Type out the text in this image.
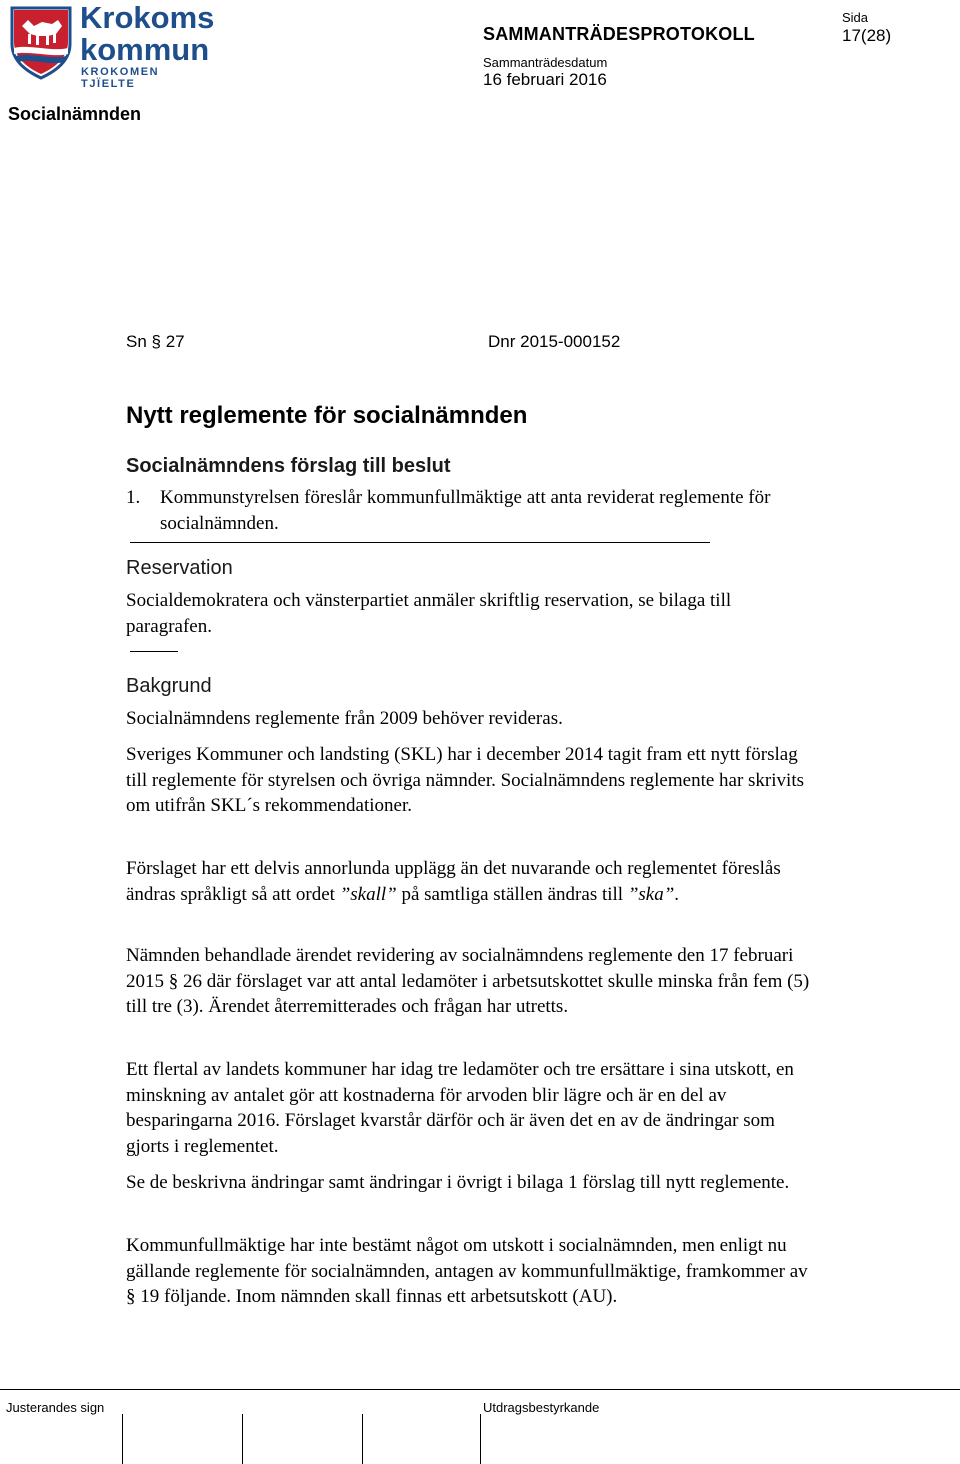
Krokoms
kommun
KROKOMEN TJÏELTE
SAMMANTRÄDESPROTOKOLL
Sammanträdesdatum
16 februari 2016
Sida
17(28)
Socialnämnden
Sn § 27	Dnr 2015-000152
Nytt reglemente för socialnämnden
Socialnämndens förslag till beslut
1.	Kommunstyrelsen föreslår kommunfullmäktige att anta reviderat reglemente för socialnämnden.
Reservation
Socialdemokratera och vänsterpartiet anmäler skriftlig reservation, se bilaga till paragrafen.
Bakgrund
Socialnämndens reglemente från 2009 behöver revideras.
Sveriges Kommuner och landsting (SKL) har i december 2014 tagit fram ett nytt förslag till reglemente för styrelsen och övriga nämnder. Socialnämndens reglemente har skrivits om utifrån SKL´s rekommendationer.
Förslaget har ett delvis annorlunda upplägg än det nuvarande och reglementet föreslås ändras språkligt så att ordet ”skall” på samtliga ställen ändras till ”ska”.
Nämnden behandlade ärendet revidering av socialnämndens reglemente den 17 februari 2015 § 26 där förslaget var att antal ledamöter i arbetsutskottet skulle minska från fem (5) till tre (3). Ärendet återremitterades och frågan har utretts.
Ett flertal av landets kommuner har idag tre ledamöter och tre ersättare i sina utskott, en minskning av antalet gör att kostnaderna för arvoden blir lägre och är en del av besparingarna 2016. Förslaget kvarstår därför och är även det en av de ändringar som gjorts i reglementet.
Se de beskrivna ändringar samt ändringar i övrigt i bilaga 1 förslag till nytt reglemente.
Kommunfullmäktige har inte bestämt något om utskott i socialnämnden, men enligt nu gällande reglemente för socialnämnden, antagen av kommunfullmäktige, framkommer av § 19 följande. Inom nämnden skall finnas ett arbetsutskott (AU).
Justerandes sign	Utdragsbestyrkande
